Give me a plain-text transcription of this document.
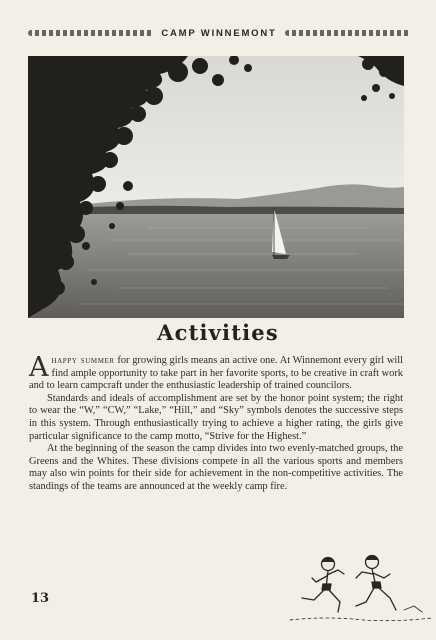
CAMP WINNEMONT
Activities

Ahappy summer for growing girls means an active one. At Winnemont every girl will find ample opportunity to take part in her favorite sports, to be creative in craft work and to learn campcraft under the enthusiastic leadership of trained councilors.

Standards and ideals of accomplishment are set by the honor point system; the right to wear the “W,” “CW,” “Lake,” “Hill,” and “Sky” symbols denotes the successive steps in this system. Through enthusiastically trying to achieve a higher rating, the girls give particular significance to the camp motto, “Strive for the Highest.”

At the beginning of the season the camp divides into two evenly-matched groups, the Greens and the Whites. These divisions compete in all the various sports and members may also win points for their side for achievement in the non-competitive activities. The standings of the teams are announced at the weekly camp fire.

13
